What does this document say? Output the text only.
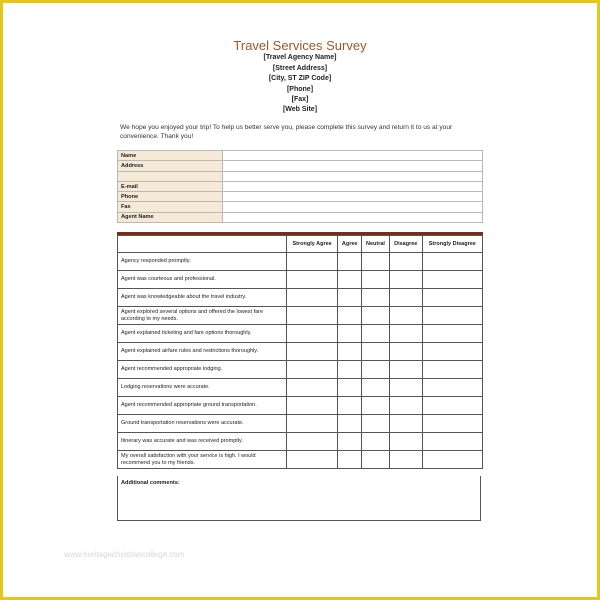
Travel Services Survey
[Travel Agency Name]
[Street Address]
[City, ST ZIP Code]
[Phone]
[Fax]
[Web Site]
We hope you enjoyed your trip! To help us better serve you, please complete this survey and return it to us at your convenience. Thank you!
Name	
Address	

E-mail	
Phone	
Fax	
Agent Name	
	Strongly Agree	Agree	Neutral	Disagree	Strongly Disagree
Agency responded promptly.					
Agent was courteous and professional.					
Agent was knowledgeable about the travel industry.					
Agent explored several options and offered the lowest fare according to my needs.					
Agent explained ticketing and fare options thoroughly.					
Agent explained airfare rules and restrictions thoroughly.					
Agent recommended appropriate lodging.					
Lodging reservations were accurate.					
Agent recommended appropriate ground transportation.					
Ground transportation reservations were accurate.					
Itinerary was accurate and was received promptly.					
My overall satisfaction with your service is high. I would recommend you to my friends.					
Additional comments:
www.heritagechristiancollege.com
